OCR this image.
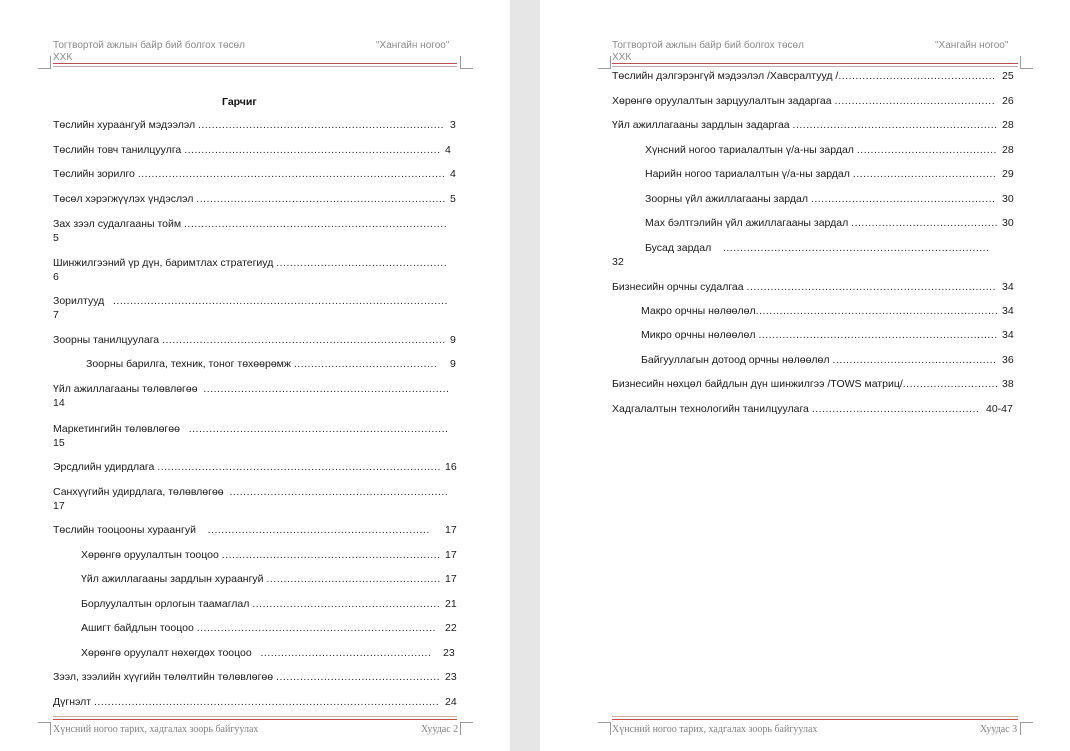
Тогтвортой ажлын байр бий болгох төсөл
ХХК
"Хангайн ногоо"
Гарчиг
Төслийн хураангуй мэдээлэл ........................................................................ 3
Төслийн товч танилцуулга ........................................................................... 4
Төслийн зорилго .......................................................................................... 4
Төсөл хэрэгжүүлэх үндэслэл ......................................................................... 5
Зах зээл судалгааны тойм .............................................................................
5
Шинжилгээний үр дүн, баримтлах стратегиуд ..................................................
6
Зорилтууд ..................................................................................................
7
Зоорны танилцуулага ................................................................................... 9
Зоорны барилга, техник, тоног төхөөрөмж .......................................... 9
Үйл ажиллагааны төлөвлөгөө ........................................................................
14
Маркетингийн төлөвлөгөө ............................................................................
15
Эрсдлийн удирдлага ................................................................................... 16
Санхүүгийн удирдлага, төлөвлөгөө ................................................................
17
Төслийн тооцооны хураангуй ................................................................. 17
Хөрөнгө оруулалтын тооцоо ................................................................ 17
Үйл ажиллагааны зардлын хураангуй ................................................... 17
Борлуулалтын орлогын таамаглал ....................................................... 21
Ашигт байдлын тооцоо ...................................................................... 22
Хөрөнгө оруулалт нөхөгдөх тооцоо .................................................. 23
Зээл, зээлийн хүүгийн төлөлтийн төлөвлөгөө ................................................ 23
Дүгнэлт ..................................................................................................... 24
Хүнсний ногоо тарих, хадгалах зоорь байгуулах	Хуудас 2
Тогтвортой ажлын байр бий болгох төсөл
ХХК
"Хангайн ногоо"
Төслийн дэлгэрэнгүй мэдээлэл /Хавсралтууд /.............................................. 25
Хөрөнгө оруулалтын зарцуулалтын задаргаа ............................................... 26
Үйл ажиллагааны зардлын задаргаа ............................................................ 28
Хүнсний ногоо тариалалтын ү/а-ны зардал ......................................... 28
Нарийн ногоо тариалалтын ү/а-ны зардал .......................................... 29
Зоорны үйл ажиллагааны зардал ...................................................... 30
Мах бэлтгэлийн үйл ажиллагааны зардал ........................................... 30
Бусад зардал ..............................................................................
32
Бизнесийн орчны судалгаа ......................................................................... 34
Макро орчны нөлөөлөл....................................................................... 34
Микро орчны нөлөөлөл ...................................................................... 34
Байгууллагын дотоод орчны нөлөөлөл ................................................ 36
Бизнесийн нөхцөл байдлын дүн шинжилгээ /TOWS матриц/............................ 38
Хадгалалтын технологийн танилцуулага ................................................. 40-47
Хүнсний ногоо тарих, хадгалах зоорь байгуулах	Хуудас 3
